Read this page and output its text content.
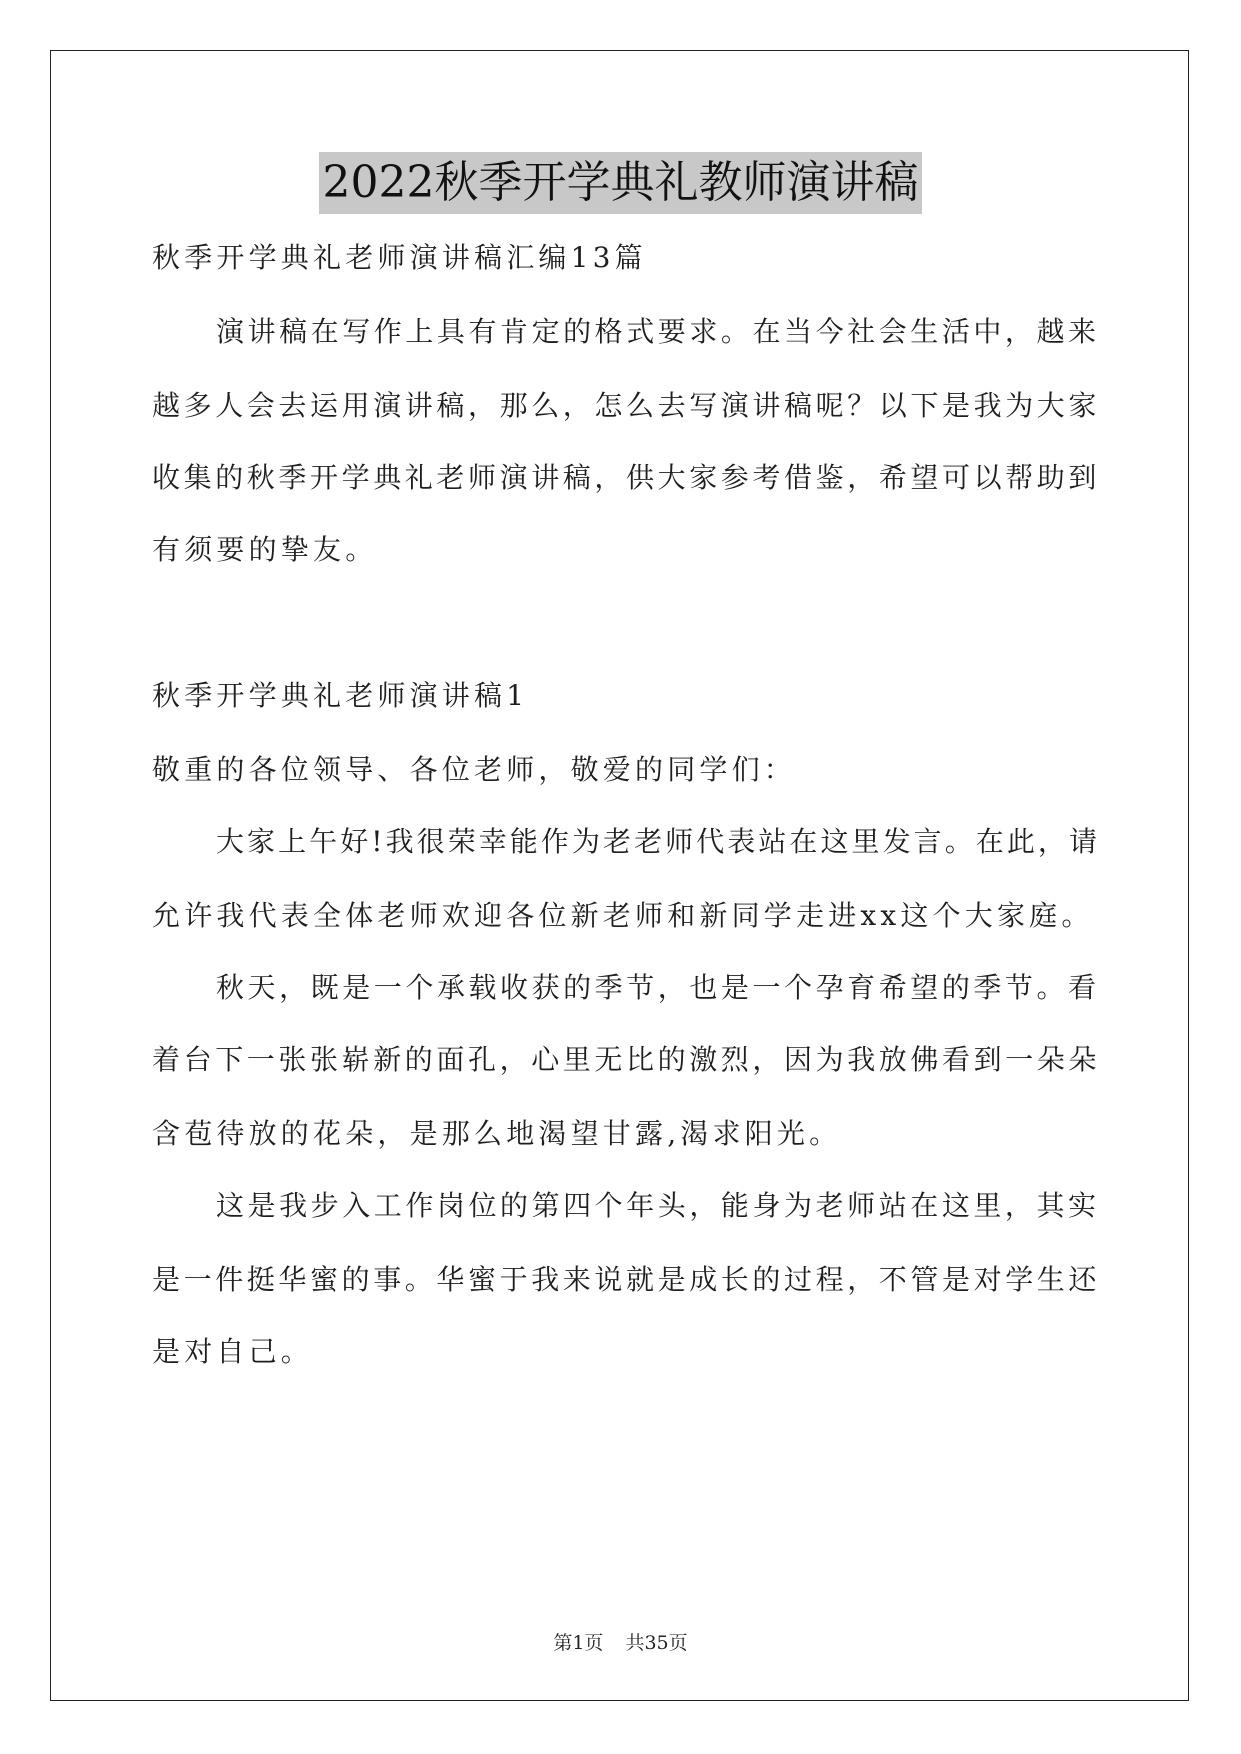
2022秋季开学典礼教师演讲稿
秋季开学典礼老师演讲稿汇编13篇
演讲稿在写作上具有肯定的格式要求。在当今社会生活中，越来
越多人会去运用演讲稿，那么，怎么去写演讲稿呢？以下是我为大家
收集的秋季开学典礼老师演讲稿，供大家参考借鉴，希望可以帮助到
有须要的挚友。
秋季开学典礼老师演讲稿1
敬重的各位领导、各位老师，敬爱的同学们：
大家上午好!我很荣幸能作为老老师代表站在这里发言。在此，请
允许我代表全体老师欢迎各位新老师和新同学走进xx这个大家庭。
秋天，既是一个承载收获的季节，也是一个孕育希望的季节。看
着台下一张张崭新的面孔，心里无比的激烈，因为我放佛看到一朵朵
含苞待放的花朵，是那么地渴望甘露,渴求阳光。
这是我步入工作岗位的第四个年头，能身为老师站在这里，其实
是一件挺华蜜的事。华蜜于我来说就是成长的过程，不管是对学生还
是对自己。
第1页 共35页
